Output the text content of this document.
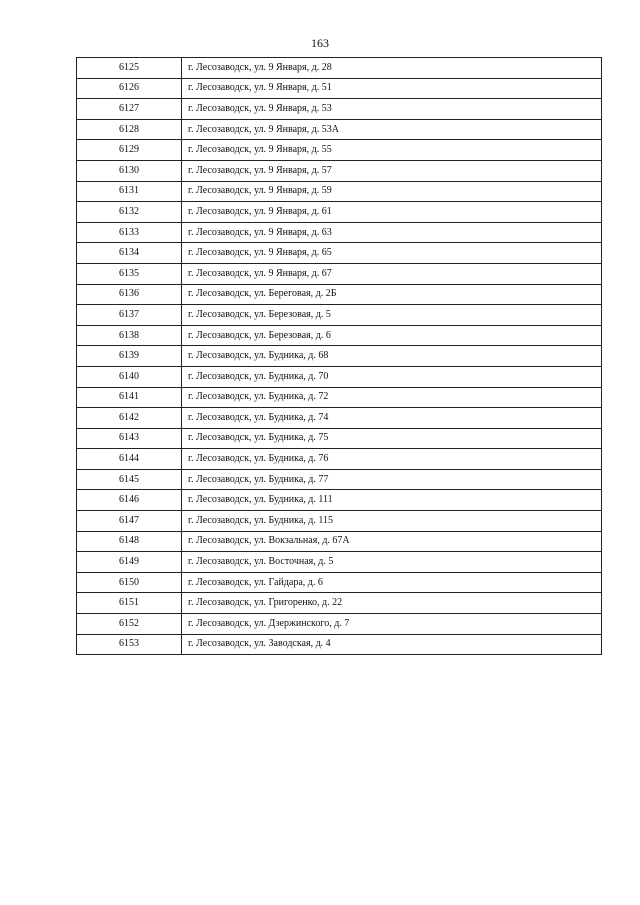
163
6125	г. Лесозаводск, ул. 9 Января, д. 28
6126	г. Лесозаводск, ул. 9 Января, д. 51
6127	г. Лесозаводск, ул. 9 Января, д. 53
6128	г. Лесозаводск, ул. 9 Января, д. 53А
6129	г. Лесозаводск, ул. 9 Января, д. 55
6130	г. Лесозаводск, ул. 9 Января, д. 57
6131	г. Лесозаводск, ул. 9 Января, д. 59
6132	г. Лесозаводск, ул. 9 Января, д. 61
6133	г. Лесозаводск, ул. 9 Января, д. 63
6134	г. Лесозаводск, ул. 9 Января, д. 65
6135	г. Лесозаводск, ул. 9 Января, д. 67
6136	г. Лесозаводск, ул. Береговая, д. 2Б
6137	г. Лесозаводск, ул. Березовая, д. 5
6138	г. Лесозаводск, ул. Березовая, д. 6
6139	г. Лесозаводск, ул. Будника, д. 68
6140	г. Лесозаводск, ул. Будника, д. 70
6141	г. Лесозаводск, ул. Будника, д. 72
6142	г. Лесозаводск, ул. Будника, д. 74
6143	г. Лесозаводск, ул. Будника, д. 75
6144	г. Лесозаводск, ул. Будника, д. 76
6145	г. Лесозаводск, ул. Будника, д. 77
6146	г. Лесозаводск, ул. Будника, д. 111
6147	г. Лесозаводск, ул. Будника, д. 115
6148	г. Лесозаводск, ул. Вокзальная, д. 67А
6149	г. Лесозаводск, ул. Восточная, д. 5
6150	г. Лесозаводск, ул. Гайдара, д. 6
6151	г. Лесозаводск, ул. Григоренко, д. 22
6152	г. Лесозаводск, ул. Дзержинского, д. 7
6153	г. Лесозаводск, ул. Заводская, д. 4
